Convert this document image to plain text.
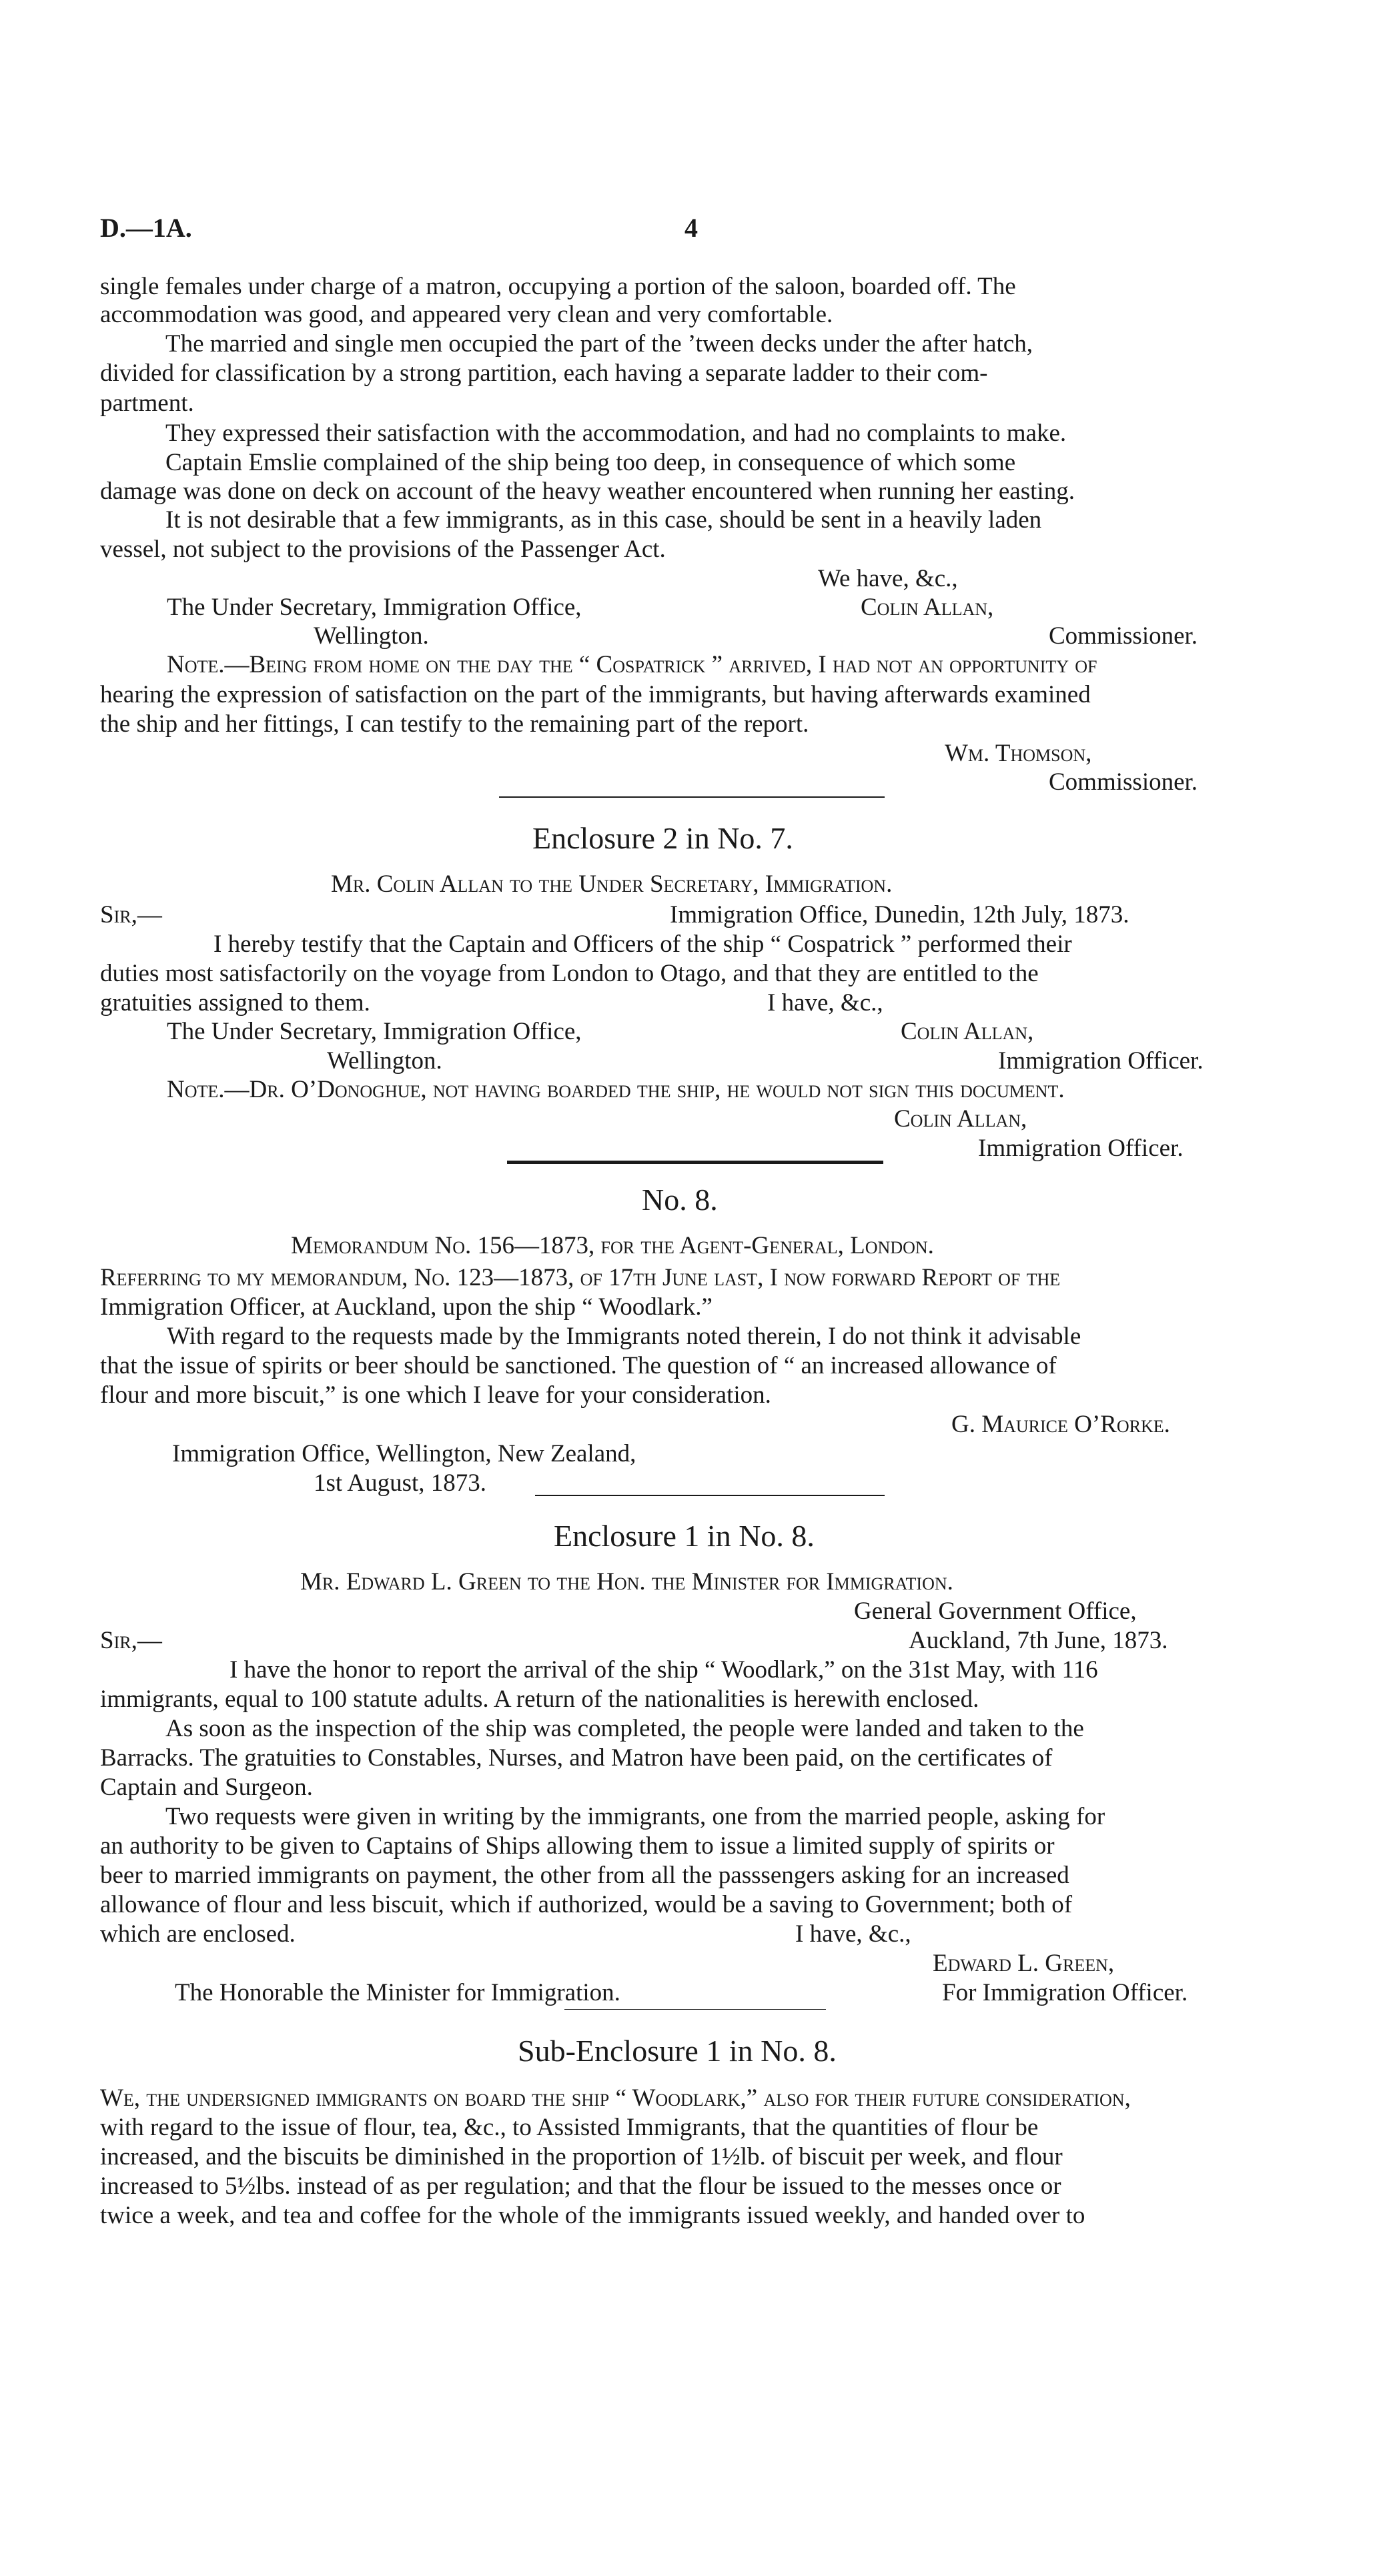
D.—1A.	4
single females under charge of a matron, occupying a portion of the saloon, boarded off. The
accommodation was good, and appeared very clean and very comfortable.
The married and single men occupied the part of the ’tween decks under the after hatch,
divided for classification by a strong partition, each having a separate ladder to their com-
partment.
They expressed their satisfaction with the accommodation, and had no complaints to make.
Captain Emslie complained of the ship being too deep, in consequence of which some
damage was done on deck on account of the heavy weather encountered when running her easting.
It is not desirable that a few immigrants, as in this case, should be sent in a heavily laden
vessel, not subject to the provisions of the Passenger Act.
We have, &c.,
The Under Secretary, Immigration Office,	Colin Allan,
Wellington.	Commissioner.
Note.—Being from home on the day the “ Cospatrick ” arrived, I had not an opportunity of
hearing the expression of satisfaction on the part of the immigrants, but having afterwards examined
the ship and her fittings, I can testify to the remaining part of the report.
Wm. Thomson,
Commissioner.
Enclosure 2 in No. 7.
Mr. Colin Allan to the Under Secretary, Immigration.
Sir,—	Immigration Office, Dunedin, 12th July, 1873.
I hereby testify that the Captain and Officers of the ship “ Cospatrick ” performed their
duties most satisfactorily on the voyage from London to Otago, and that they are entitled to the
gratuities assigned to them.	I have, &c.,
The Under Secretary, Immigration Office,	Colin Allan,
Wellington.	Immigration Officer.
Note.—Dr. O’Donoghue, not having boarded the ship, he would not sign this document.
Colin Allan,
Immigration Officer.
No. 8.
Memorandum No. 156—1873, for the Agent-General, London.
Referring to my memorandum, No. 123—1873, of 17th June last, I now forward Report of the
Immigration Officer, at Auckland, upon the ship “ Woodlark.”
With regard to the requests made by the Immigrants noted therein, I do not think it advisable
that the issue of spirits or beer should be sanctioned. The question of “ an increased allowance of
flour and more biscuit,” is one which I leave for your consideration.
G. Maurice O’Rorke.
Immigration Office, Wellington, New Zealand,
1st August, 1873.
Enclosure 1 in No. 8.
Mr. Edward L. Green to the Hon. the Minister for Immigration.
General Government Office,
Sir,—	Auckland, 7th June, 1873.
I have the honor to report the arrival of the ship “ Woodlark,” on the 31st May, with 116
immigrants, equal to 100 statute adults. A return of the nationalities is herewith enclosed.
As soon as the inspection of the ship was completed, the people were landed and taken to the
Barracks. The gratuities to Constables, Nurses, and Matron have been paid, on the certificates of
Captain and Surgeon.
Two requests were given in writing by the immigrants, one from the married people, asking for
an authority to be given to Captains of Ships allowing them to issue a limited supply of spirits or
beer to married immigrants on payment, the other from all the passsengers asking for an increased
allowance of flour and less biscuit, which if authorized, would be a saving to Government; both of
which are enclosed.	I have, &c.,
Edward L. Green,
The Honorable the Minister for Immigration.	For Immigration Officer.
Sub-Enclosure 1 in No. 8.
We, the undersigned immigrants on board the ship “ Woodlark,” also for their future consideration,
with regard to the issue of flour, tea, &c., to Assisted Immigrants, that the quantities of flour be
increased, and the biscuits be diminished in the proportion of 1½lb. of biscuit per week, and flour
increased to 5½lbs. instead of as per regulation; and that the flour be issued to the messes once or
twice a week, and tea and coffee for the whole of the immigrants issued weekly, and handed over to
